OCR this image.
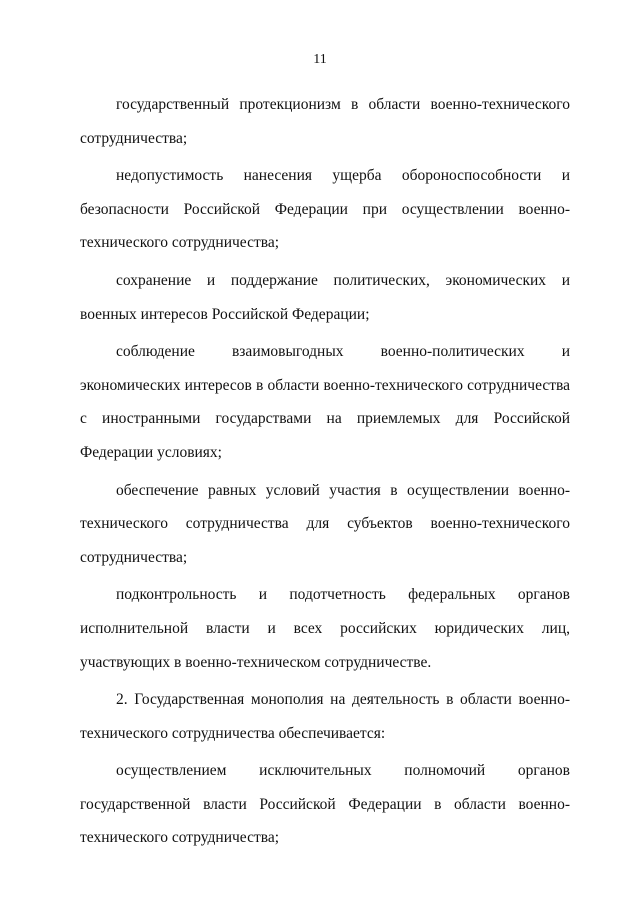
11

государственный протекционизм в области военно-технического сотрудничества;

недопустимость нанесения ущерба обороноспособности и безопасности Российской Федерации при осуществлении военно-технического сотрудничества;

сохранение и поддержание политических, экономических и военных интересов Российской Федерации;

соблюдение взаимовыгодных военно-политических и экономических интересов в области военно-технического сотрудничества с иностранными государствами на приемлемых для Российской Федерации условиях;

обеспечение равных условий участия в осуществлении военно-технического сотрудничества для субъектов военно-технического сотрудничества;

подконтрольность и подотчетность федеральных органов исполнительной власти и всех российских юридических лиц, участвующих в военно-техническом сотрудничестве.

2. Государственная монополия на деятельность в области военно-технического сотрудничества обеспечивается:

осуществлением исключительных полномочий органов государственной власти Российской Федерации в области военно-технического сотрудничества;
